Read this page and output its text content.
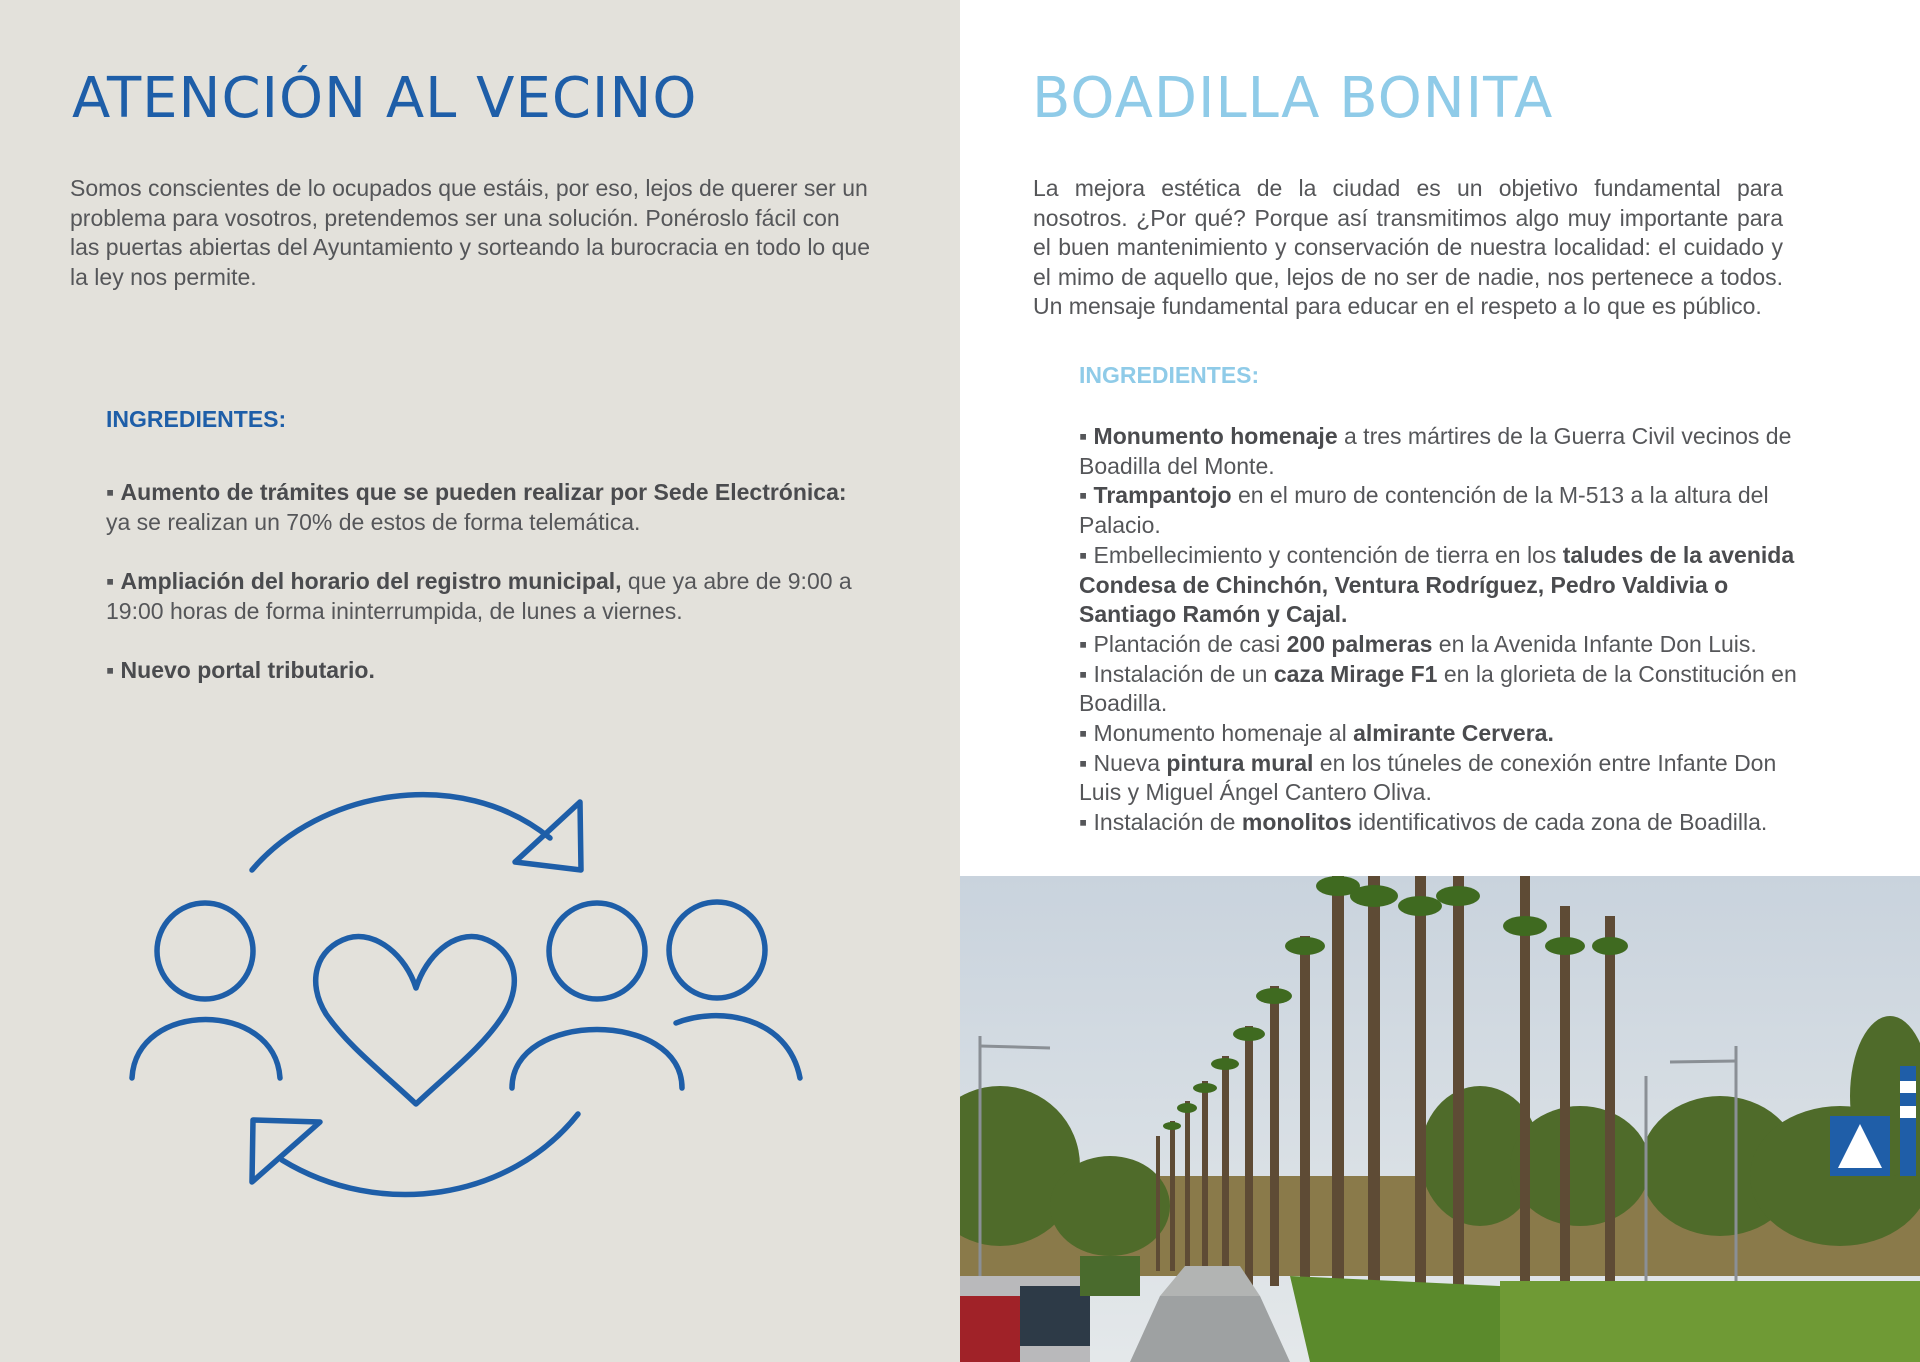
ATENCIÓN AL VECINO

Somos conscientes de lo ocupados que estáis, por eso, lejos de querer ser un problema para vosotros, pretendemos ser una solución. Ponéroslo fácil con las puertas abiertas del Ayuntamiento y sorteando la burocracia en todo lo que la ley nos permite.

INGREDIENTES:
▪ Aumento de trámites que se pueden realizar por Sede Electrónica: ya se realizan un 70% de estos de forma telemática.
▪ Ampliación del horario del registro municipal, que ya abre de 9:00 a 19:00 horas de forma ininterrumpida, de lunes a viernes.
▪ Nuevo portal tributario.
BOADILLA BONITA

La mejora estética de la ciudad es un objetivo fundamental para nosotros. ¿Por qué? Porque así transmitimos algo muy importante para el buen mantenimiento y conservación de nuestra localidad: el cuidado y el mimo de aquello que, lejos de no ser de nadie, nos pertenece a todos. Un mensaje fundamental para educar en el respeto a lo que es público.

INGREDIENTES:
▪ Monumento homenaje a tres mártires de la Guerra Civil vecinos de Boadilla del Monte.
▪ Trampantojo en el muro de contención de la M-513 a la altura del Palacio.
▪ Embellecimiento y contención de tierra en los taludes de la avenida Condesa de Chinchón, Ventura Rodríguez, Pedro Valdivia o Santiago Ramón y Cajal.
▪ Plantación de casi 200 palmeras en la Avenida Infante Don Luis.
▪ Instalación de un caza Mirage F1 en la glorieta de la Constitución en Boadilla.
▪ Monumento homenaje al almirante Cervera.
▪ Nueva pintura mural en los túneles de conexión entre Infante Don Luis y Miguel Ángel Cantero Oliva.
▪ Instalación de monolitos identificativos de cada zona de Boadilla.
